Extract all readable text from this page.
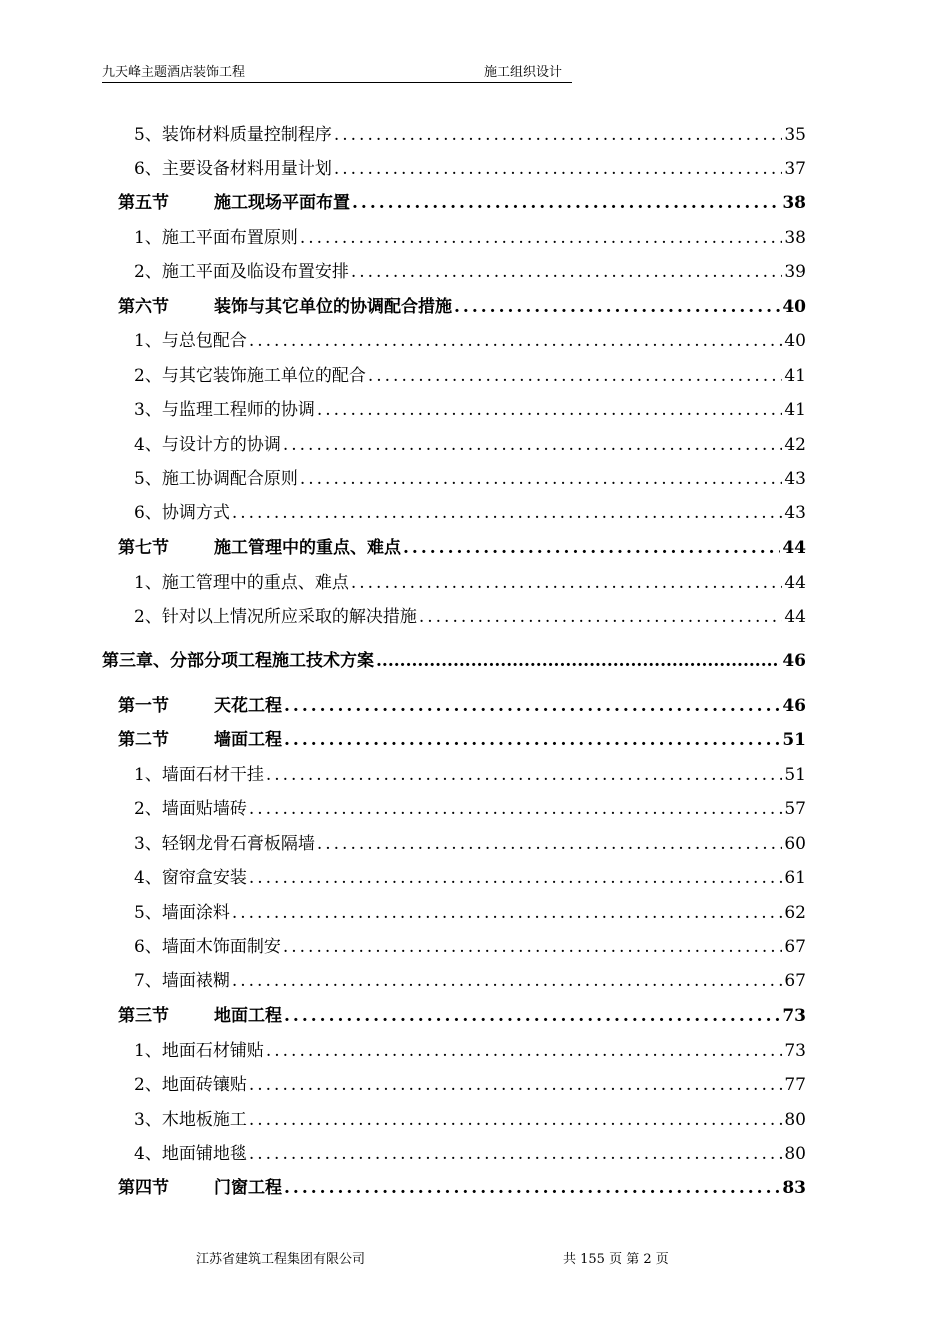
九天峰主题酒店装饰工程	施工组织设计
5、装饰材料质量控制程序 .....	35
6、主要设备材料用量计划 .....	37
第五节	施工现场平面布置 .....	38
1、施工平面布置原则 .....	38
2、施工平面及临设布置安排 .....	39
第六节	装饰与其它单位的协调配合措施 .....	40
1、与总包配合 .....	40
2、与其它装饰施工单位的配合 .....	41
3、与监理工程师的协调 .....	41
4、与设计方的协调 .....	42
5、施工协调配合原则 .....	43
6、协调方式 .....	43
第七节	施工管理中的重点、难点 .....	44
1、施工管理中的重点、难点 .....	44
2、针对以上情况所应采取的解决措施 .....	44
第三章、分部分项工程施工技术方案 .....	46
第一节	天花工程 .....	46
第二节	墙面工程 .....	51
1、墙面石材干挂 .....	51
2、墙面贴墙砖 .....	57
3、轻钢龙骨石膏板隔墙 .....	60
4、窗帘盒安装 .....	61
5、墙面涂料 .....	62
6、墙面木饰面制安 .....	67
7、墙面裱糊 .....	67
第三节	地面工程 .....	73
1、地面石材铺贴 .....	73
2、地面砖镶贴 .....	77
3、木地板施工 .....	80
4、地面铺地毯 .....	80
第四节	门窗工程 .....	83
江苏省建筑工程集团有限公司	共 155 页 第 2 页
